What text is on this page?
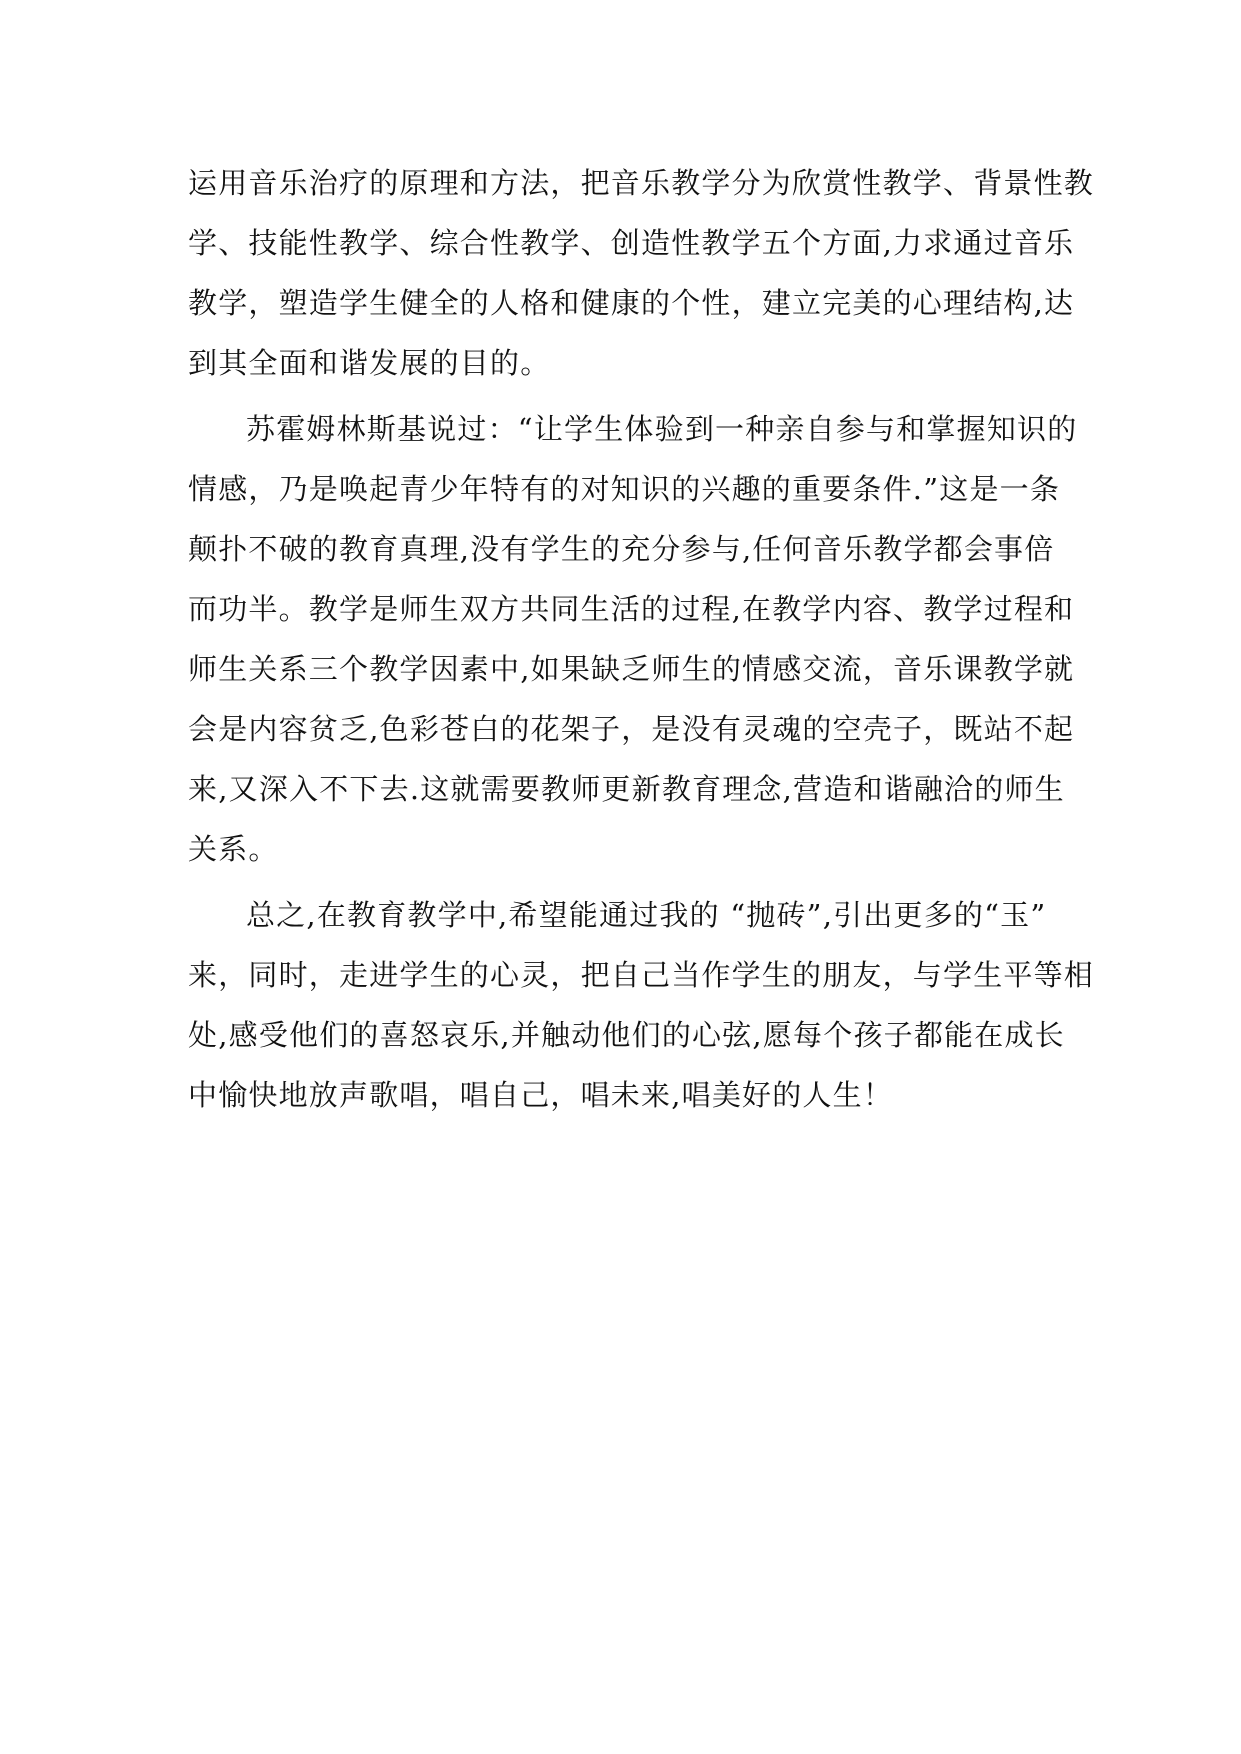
运用音乐治疗的原理和方法，把音乐教学分为欣赏性教学、背景性教
学、技能性教学、综合性教学、创造性教学五个方面,力求通过音乐
教学，塑造学生健全的人格和健康的个性，建立完美的心理结构,达
到其全面和谐发展的目的。
苏霍姆林斯基说过：“让学生体验到一种亲自参与和掌握知识的
情感，乃是唤起青少年特有的对知识的兴趣的重要条件.”这是一条
颠扑不破的教育真理,没有学生的充分参与,任何音乐教学都会事倍
而功半。教学是师生双方共同生活的过程,在教学内容、教学过程和
师生关系三个教学因素中,如果缺乏师生的情感交流，音乐课教学就
会是内容贫乏,色彩苍白的花架子，是没有灵魂的空壳子，既站不起
来,又深入不下去.这就需要教师更新教育理念,营造和谐融洽的师生
关系。
总之,在教育教学中,希望能通过我的 “抛砖”,引出更多的“玉”
来，同时，走进学生的心灵，把自己当作学生的朋友，与学生平等相
处,感受他们的喜怒哀乐,并触动他们的心弦,愿每个孩子都能在成长
中愉快地放声歌唱，唱自己，唱未来,唱美好的人生！
